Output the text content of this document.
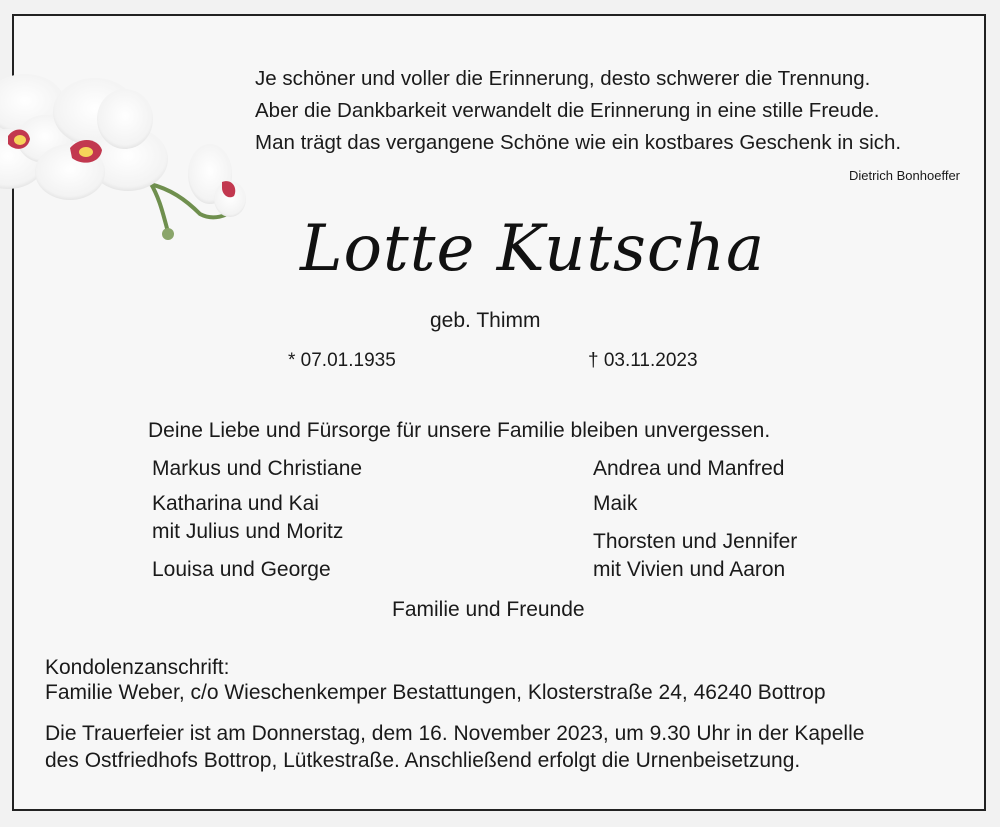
Je schöner und voller die Erinnerung, desto schwerer die Trennung.
Aber die Dankbarkeit verwandelt die Erinnerung in eine stille Freude.
Man trägt das vergangene Schöne wie ein kostbares Geschenk in sich.
Dietrich Bonhoeffer
Lotte Kutscha
geb. Thimm
* 07.01.1935	† 03.11.2023
Deine Liebe und Fürsorge für unsere Familie bleiben unvergessen.
Markus und Christiane
Katharina und Kai
mit Julius und Moritz
Louisa und George
Andrea und Manfred
Maik
Thorsten und Jennifer
mit Vivien und Aaron
Familie und Freunde
Kondolenzanschrift:
Familie Weber, c/o Wieschenkemper Bestattungen, Klosterstraße 24, 46240 Bottrop
Die Trauerfeier ist am Donnerstag, dem 16. November 2023, um 9.30 Uhr in der Kapelle
des Ostfriedhofs Bottrop, Lütkestraße. Anschließend erfolgt die Urnenbeisetzung.
